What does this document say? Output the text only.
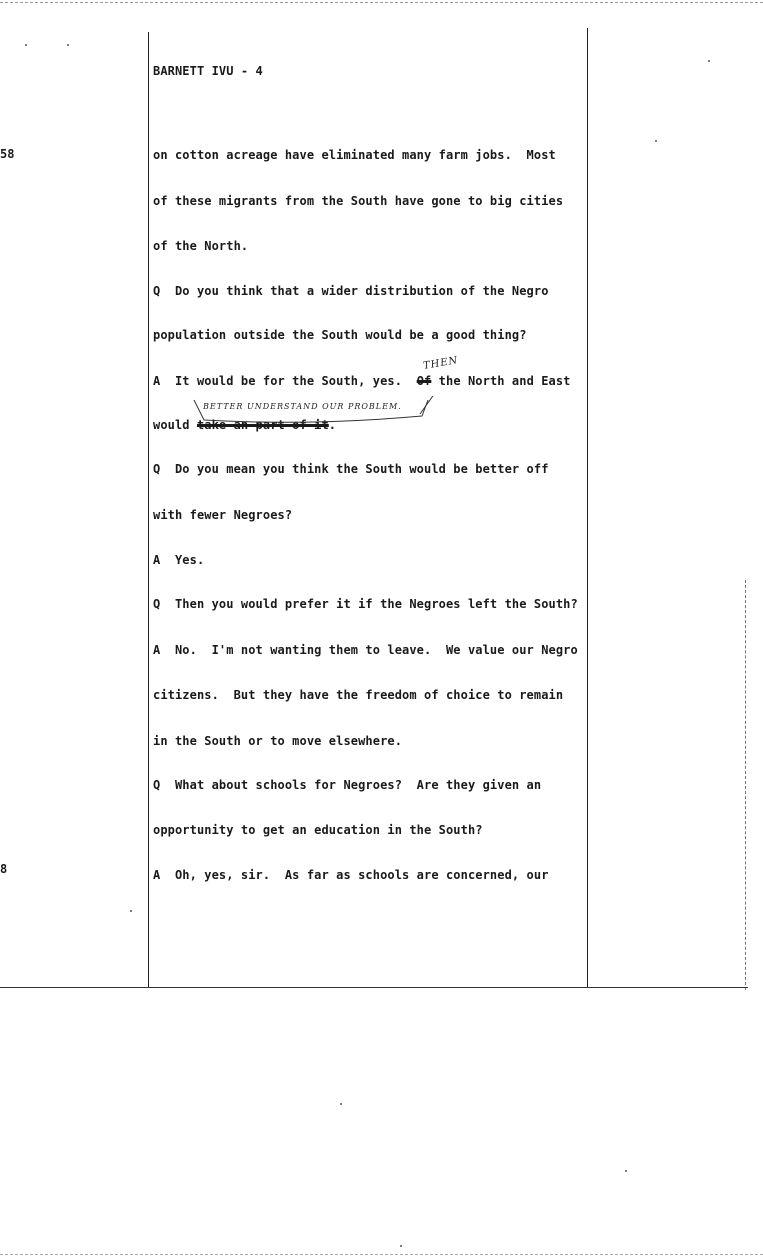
58
8

BARNETT IVU - 4

on cotton acreage have eliminated many farm jobs.  Most

of these migrants from the South have gone to big cities

of the North.

Q  Do you think that a wider distribution of the Negro

population outside the South would be a good thing?

A  It would be for the South, yes.  Of the North and East

would take an part of it.

THEN
BETTER UNDERSTAND OUR PROBLEM.

Q  Do you mean you think the South would be better off

with fewer Negroes?

A  Yes.

Q  Then you would prefer it if the Negroes left the South?

A  No.  I'm not wanting them to leave.  We value our Negro

citizens.  But they have the freedom of choice to remain

in the South or to move elsewhere.

Q  What about schools for Negroes?  Are they given an

opportunity to get an education in the South?

A  Oh, yes, sir.  As far as schools are concerned, our
